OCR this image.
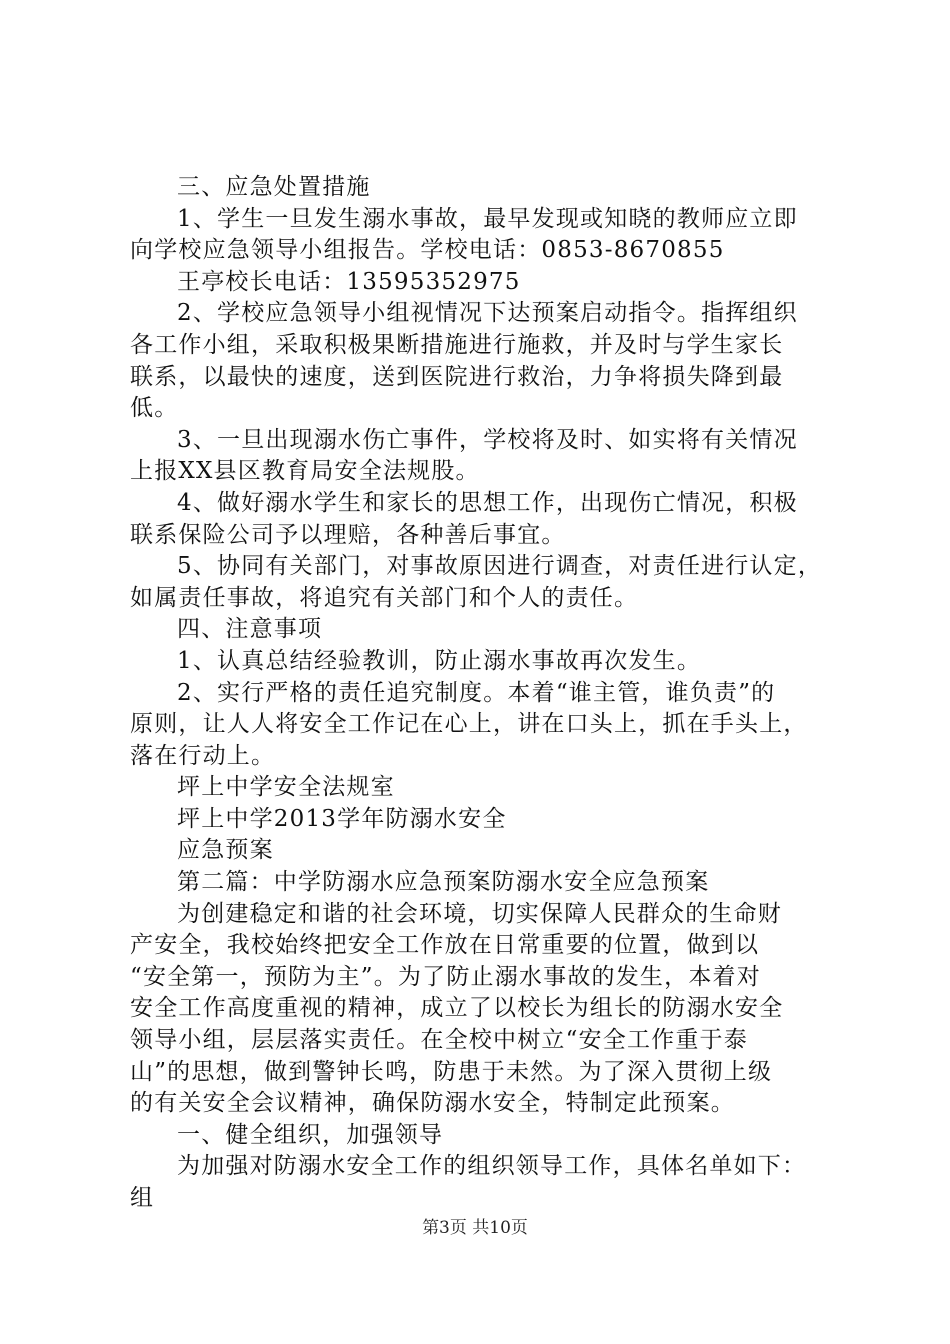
三、应急处置措施
1、学生一旦发生溺水事故，最早发现或知晓的教师应立即
向学校应急领导小组报告。学校电话：0853-8670855
王亭校长电话：13595352975
2、学校应急领导小组视情况下达预案启动指令。指挥组织
各工作小组，采取积极果断措施进行施救，并及时与学生家长
联系，以最快的速度，送到医院进行救治，力争将损失降到最
低。
3、一旦出现溺水伤亡事件，学校将及时、如实将有关情况
上报XX县区教育局安全法规股。
4、做好溺水学生和家长的思想工作，出现伤亡情况，积极
联系保险公司予以理赔，各种善后事宜。
5、协同有关部门，对事故原因进行调查，对责任进行认定，
如属责任事故，将追究有关部门和个人的责任。
四、注意事项
1、认真总结经验教训，防止溺水事故再次发生。
2、实行严格的责任追究制度。本着“谁主管，谁负责”的
原则，让人人将安全工作记在心上，讲在口头上，抓在手头上，
落在行动上。
坪上中学安全法规室
坪上中学2013学年防溺水安全
应急预案
第二篇：中学防溺水应急预案防溺水安全应急预案
为创建稳定和谐的社会环境，切实保障人民群众的生命财
产安全，我校始终把安全工作放在日常重要的位置，做到以
“安全第一，预防为主”。为了防止溺水事故的发生，本着对
安全工作高度重视的精神，成立了以校长为组长的防溺水安全
领导小组，层层落实责任。在全校中树立“安全工作重于泰
山”的思想，做到警钟长鸣，防患于未然。为了深入贯彻上级
的有关安全会议精神，确保防溺水安全，特制定此预案。
一、健全组织，加强领导
为加强对防溺水安全工作的组织领导工作，具体名单如下：
组
第3页 共10页
